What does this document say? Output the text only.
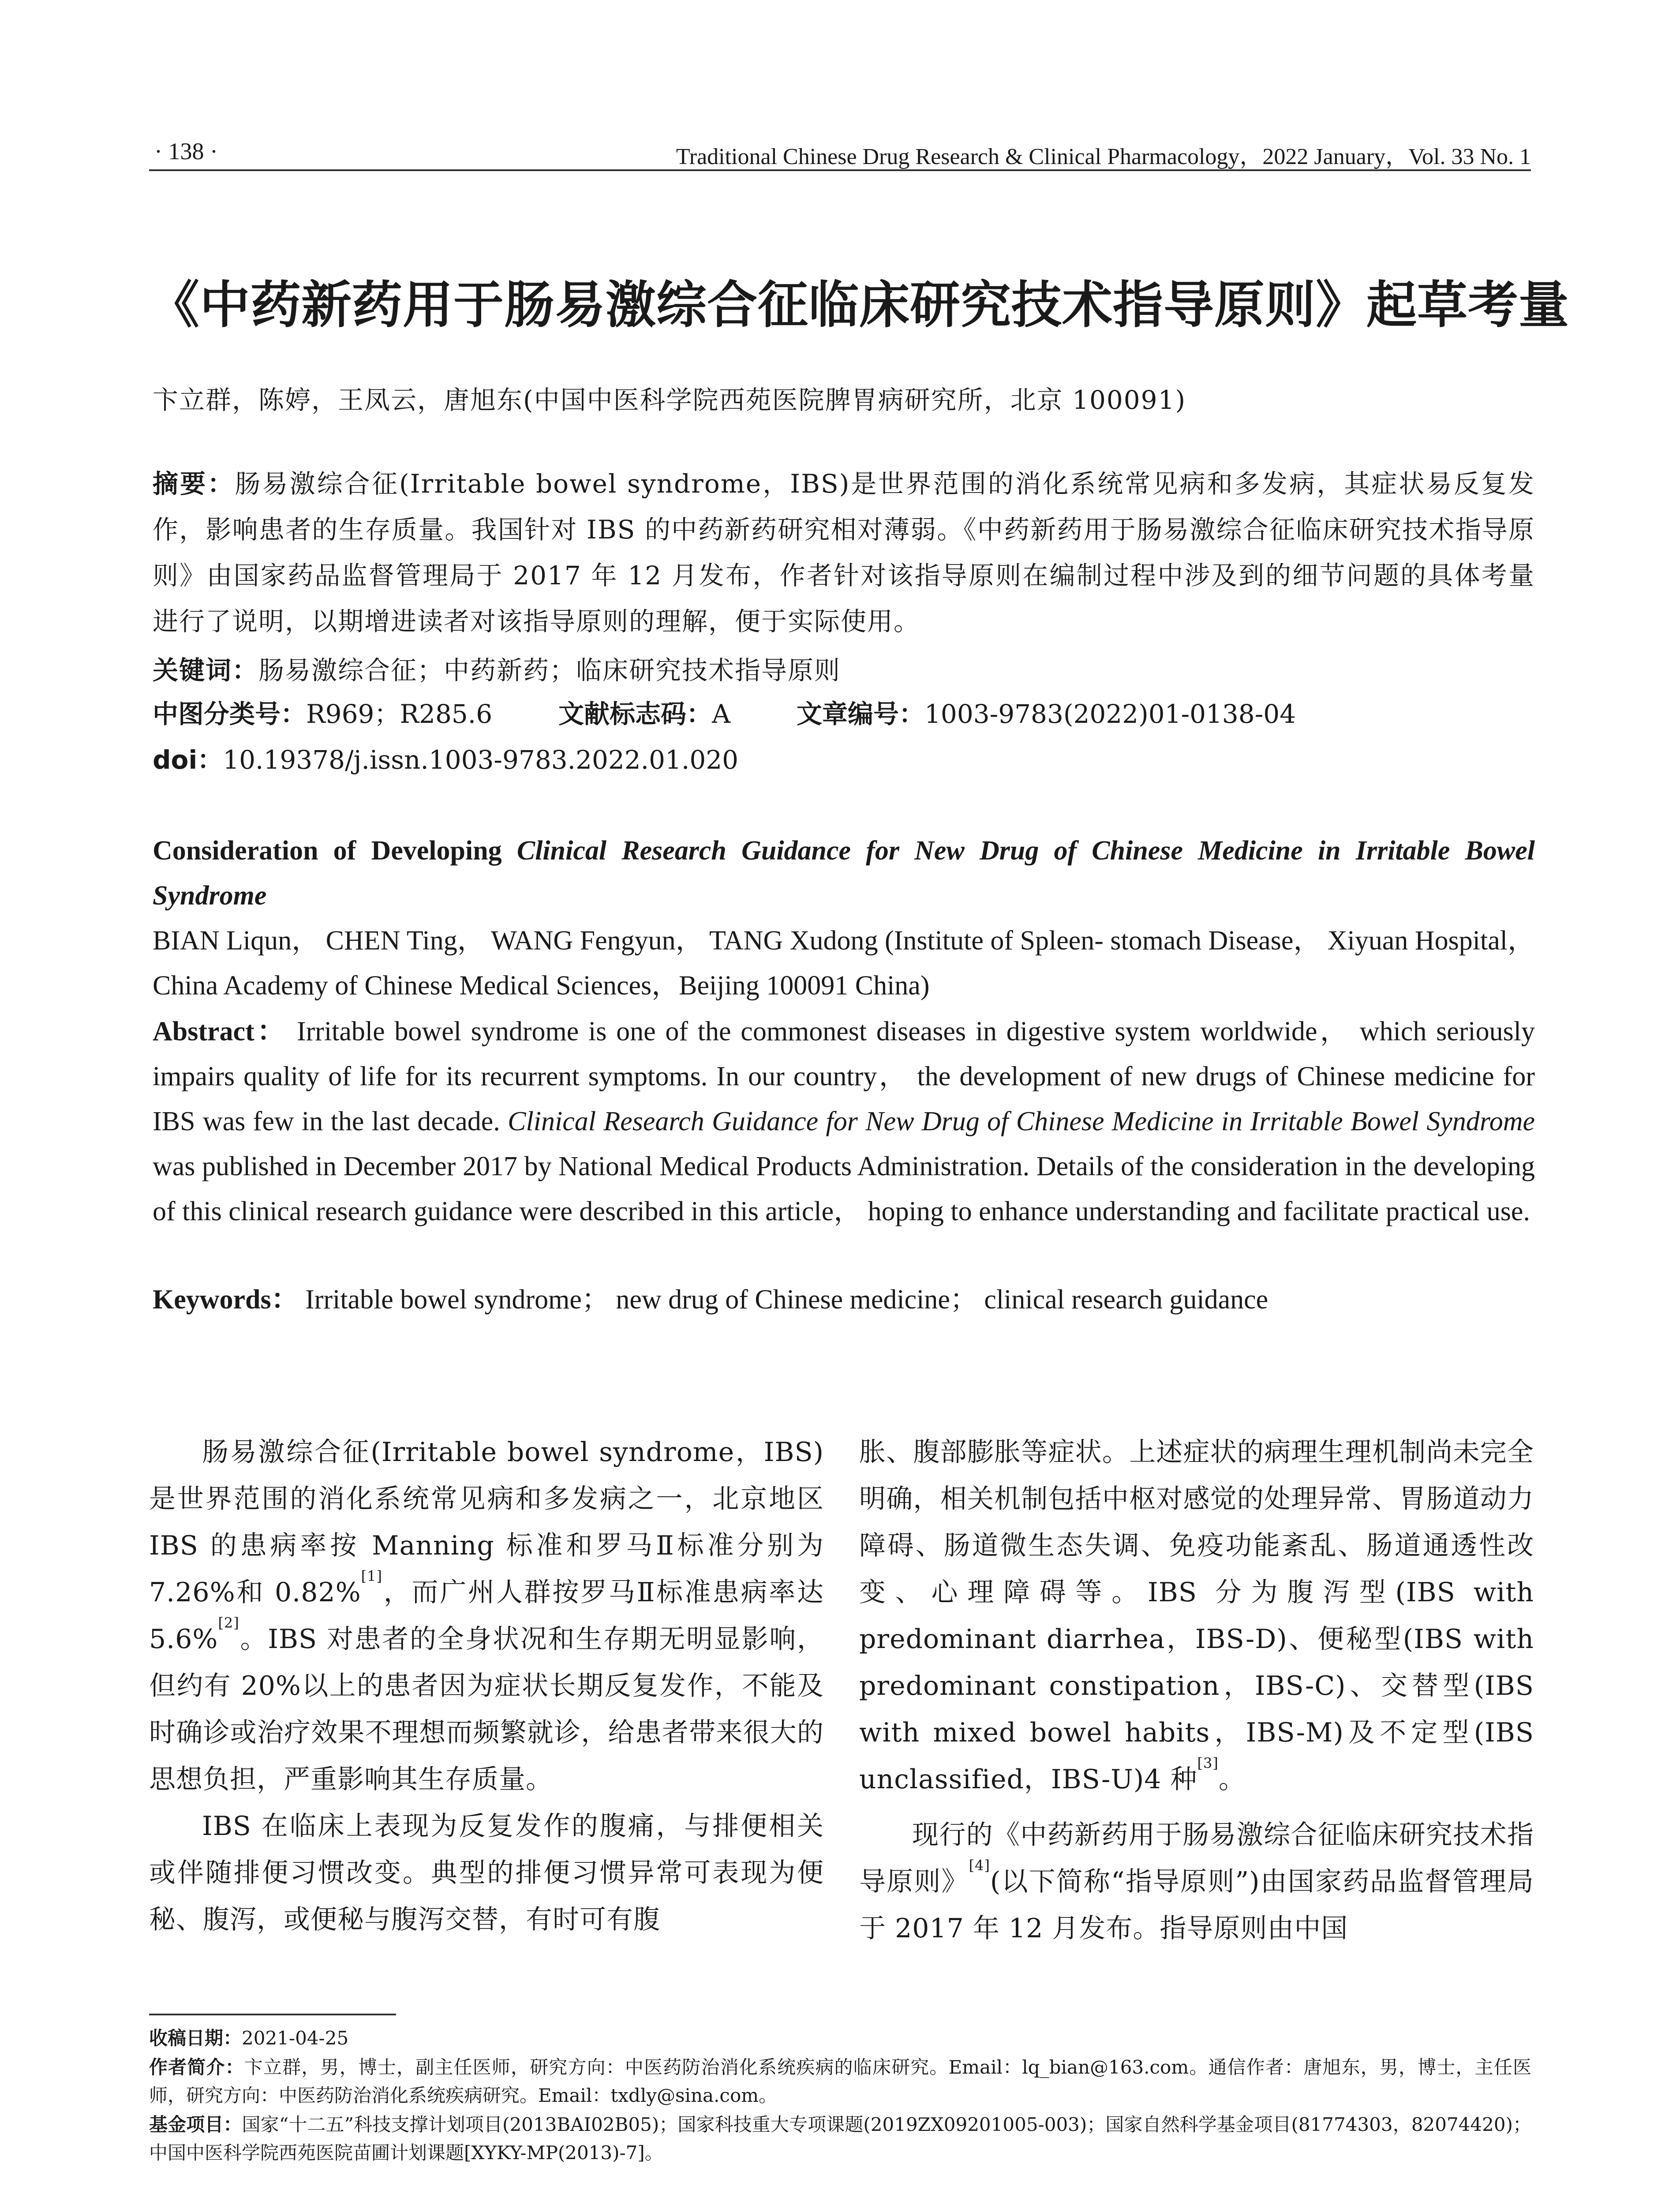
· 138 ·	Traditional Chinese Drug Research & Clinical Pharmacology，2022 January，Vol. 33 No. 1
《中药新药用于肠易激综合征临床研究技术指导原则》起草考量
卞立群，陈婷，王凤云，唐旭东(中国中医科学院西苑医院脾胃病研究所，北京 100091)
摘要：肠易激综合征(Irritable bowel syndrome，IBS)是世界范围的消化系统常见病和多发病，其症状易反复发作，影响患者的生存质量。我国针对 IBS 的中药新药研究相对薄弱。《中药新药用于肠易激综合征临床研究技术指导原则》由国家药品监督管理局于 2017 年 12 月发布，作者针对该指导原则在编制过程中涉及到的细节问题的具体考量进行了说明，以期增进读者对该指导原则的理解，便于实际使用。
关键词：肠易激综合征；中药新药；临床研究技术指导原则
中图分类号：R969；R285.6	文献标志码：A	文章编号：1003-9783(2022)01-0138-04
doi：10.19378/j.issn.1003-9783.2022.01.020
Consideration of Developing Clinical Research Guidance for New Drug of Chinese Medicine in Irritable Bowel Syndrome
BIAN Liqun， CHEN Ting， WANG Fengyun， TANG Xudong (Institute of Spleen- stomach Disease， Xiyuan Hospital，China Academy of Chinese Medical Sciences，Beijing 100091 China)
Abstract： Irritable bowel syndrome is one of the commonest diseases in digestive system worldwide， which seriously impairs quality of life for its recurrent symptoms. In our country， the development of new drugs of Chinese medicine for IBS was few in the last decade. Clinical Research Guidance for New Drug of Chinese Medicine in Irritable Bowel Syndrome was published in December 2017 by National Medical Products Administration. Details of the consideration in the developing of this clinical research guidance were described in this article， hoping to enhance understanding and facilitate practical use.
Keywords： Irritable bowel syndrome； new drug of Chinese medicine； clinical research guidance

肠易激综合征(Irritable bowel syndrome，IBS)是世界范围的消化系统常见病和多发病之一，北京地区 IBS 的患病率按 Manning 标准和罗马Ⅱ标准分别为 7.26%和 0.82%[1]，而广州人群按罗马Ⅱ标准患病率达 5.6%[2]。IBS 对患者的全身状况和生存期无明显影响，但约有 20%以上的患者因为症状长期反复发作，不能及时确诊或治疗效果不理想而频繁就诊，给患者带来很大的思想负担，严重影响其生存质量。

IBS 在临床上表现为反复发作的腹痛，与排便相关或伴随排便习惯改变。典型的排便习惯异常可表现为便秘、腹泻，或便秘与腹泻交替，有时可有腹

胀、腹部膨胀等症状。上述症状的病理生理机制尚未完全明确，相关机制包括中枢对感觉的处理异常、胃肠道动力障碍、肠道微生态失调、免疫功能紊乱、肠道通透性改变、心理障碍等。IBS 分为腹泻型(IBS with predominant diarrhea，IBS-D)、便秘型(IBS with predominant constipation，IBS-C)、交替型(IBS with mixed bowel habits，IBS-M)及不定型(IBS unclassified，IBS-U)4 种[3]。

现行的《中药新药用于肠易激综合征临床研究技术指导原则》[4](以下简称“指导原则”)由国家药品监督管理局于 2017 年 12 月发布。指导原则由中国

收稿日期：2021-04-25
作者简介：卞立群，男，博士，副主任医师，研究方向：中医药防治消化系统疾病的临床研究。Email：lq_bian@163.com。通信作者：唐旭东，男，博士，主任医师，研究方向：中医药防治消化系统疾病研究。Email：txdly@sina.com。
基金项目：国家“十二五”科技支撑计划项目(2013BAI02B05)；国家科技重大专项课题(2019ZX09201005-003)；国家自然科学基金项目(81774303，82074420)；中国中医科学院西苑医院苗圃计划课题[XYKY-MP(2013)-7]。
